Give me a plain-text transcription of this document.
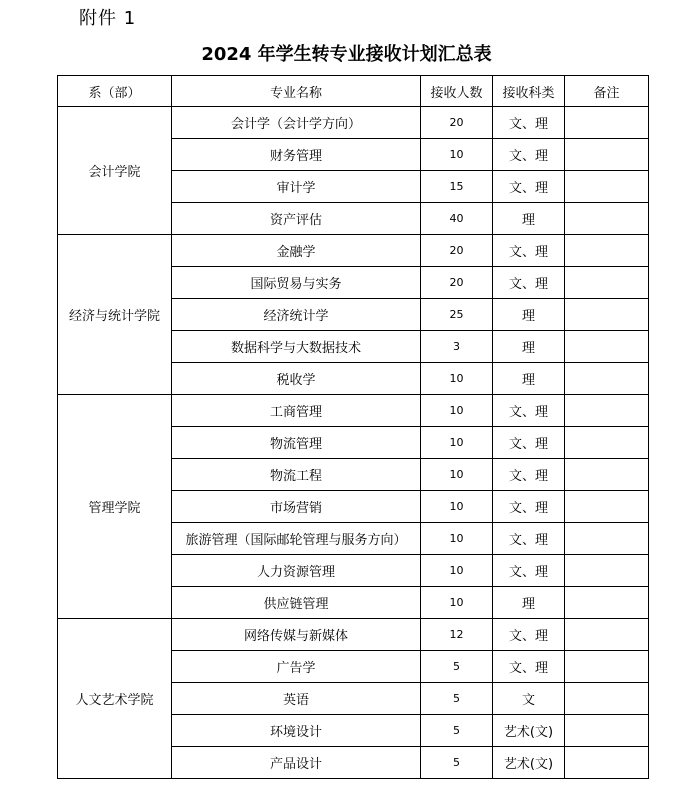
附件 1
2024 年学生转专业接收计划汇总表
系（部）	专业名称	接收人数	接收科类	备注
会计学院	会计学（会计学方向）	20	文、理	
	财务管理	10	文、理	
	审计学	15	文、理	
	资产评估	40	理	
经济与统计学院	金融学	20	文、理	
	国际贸易与实务	20	文、理	
	经济统计学	25	理	
	数据科学与大数据技术	3	理	
	税收学	10	理	
管理学院	工商管理	10	文、理	
	物流管理	10	文、理	
	物流工程	10	文、理	
	市场营销	10	文、理	
	旅游管理（国际邮轮管理与服务方向）	10	文、理	
	人力资源管理	10	文、理	
	供应链管理	10	理	
人文艺术学院	网络传媒与新媒体	12	文、理	
	广告学	5	文、理	
	英语	5	文	
	环境设计	5	艺术(文)	
	产品设计	5	艺术(文)	
